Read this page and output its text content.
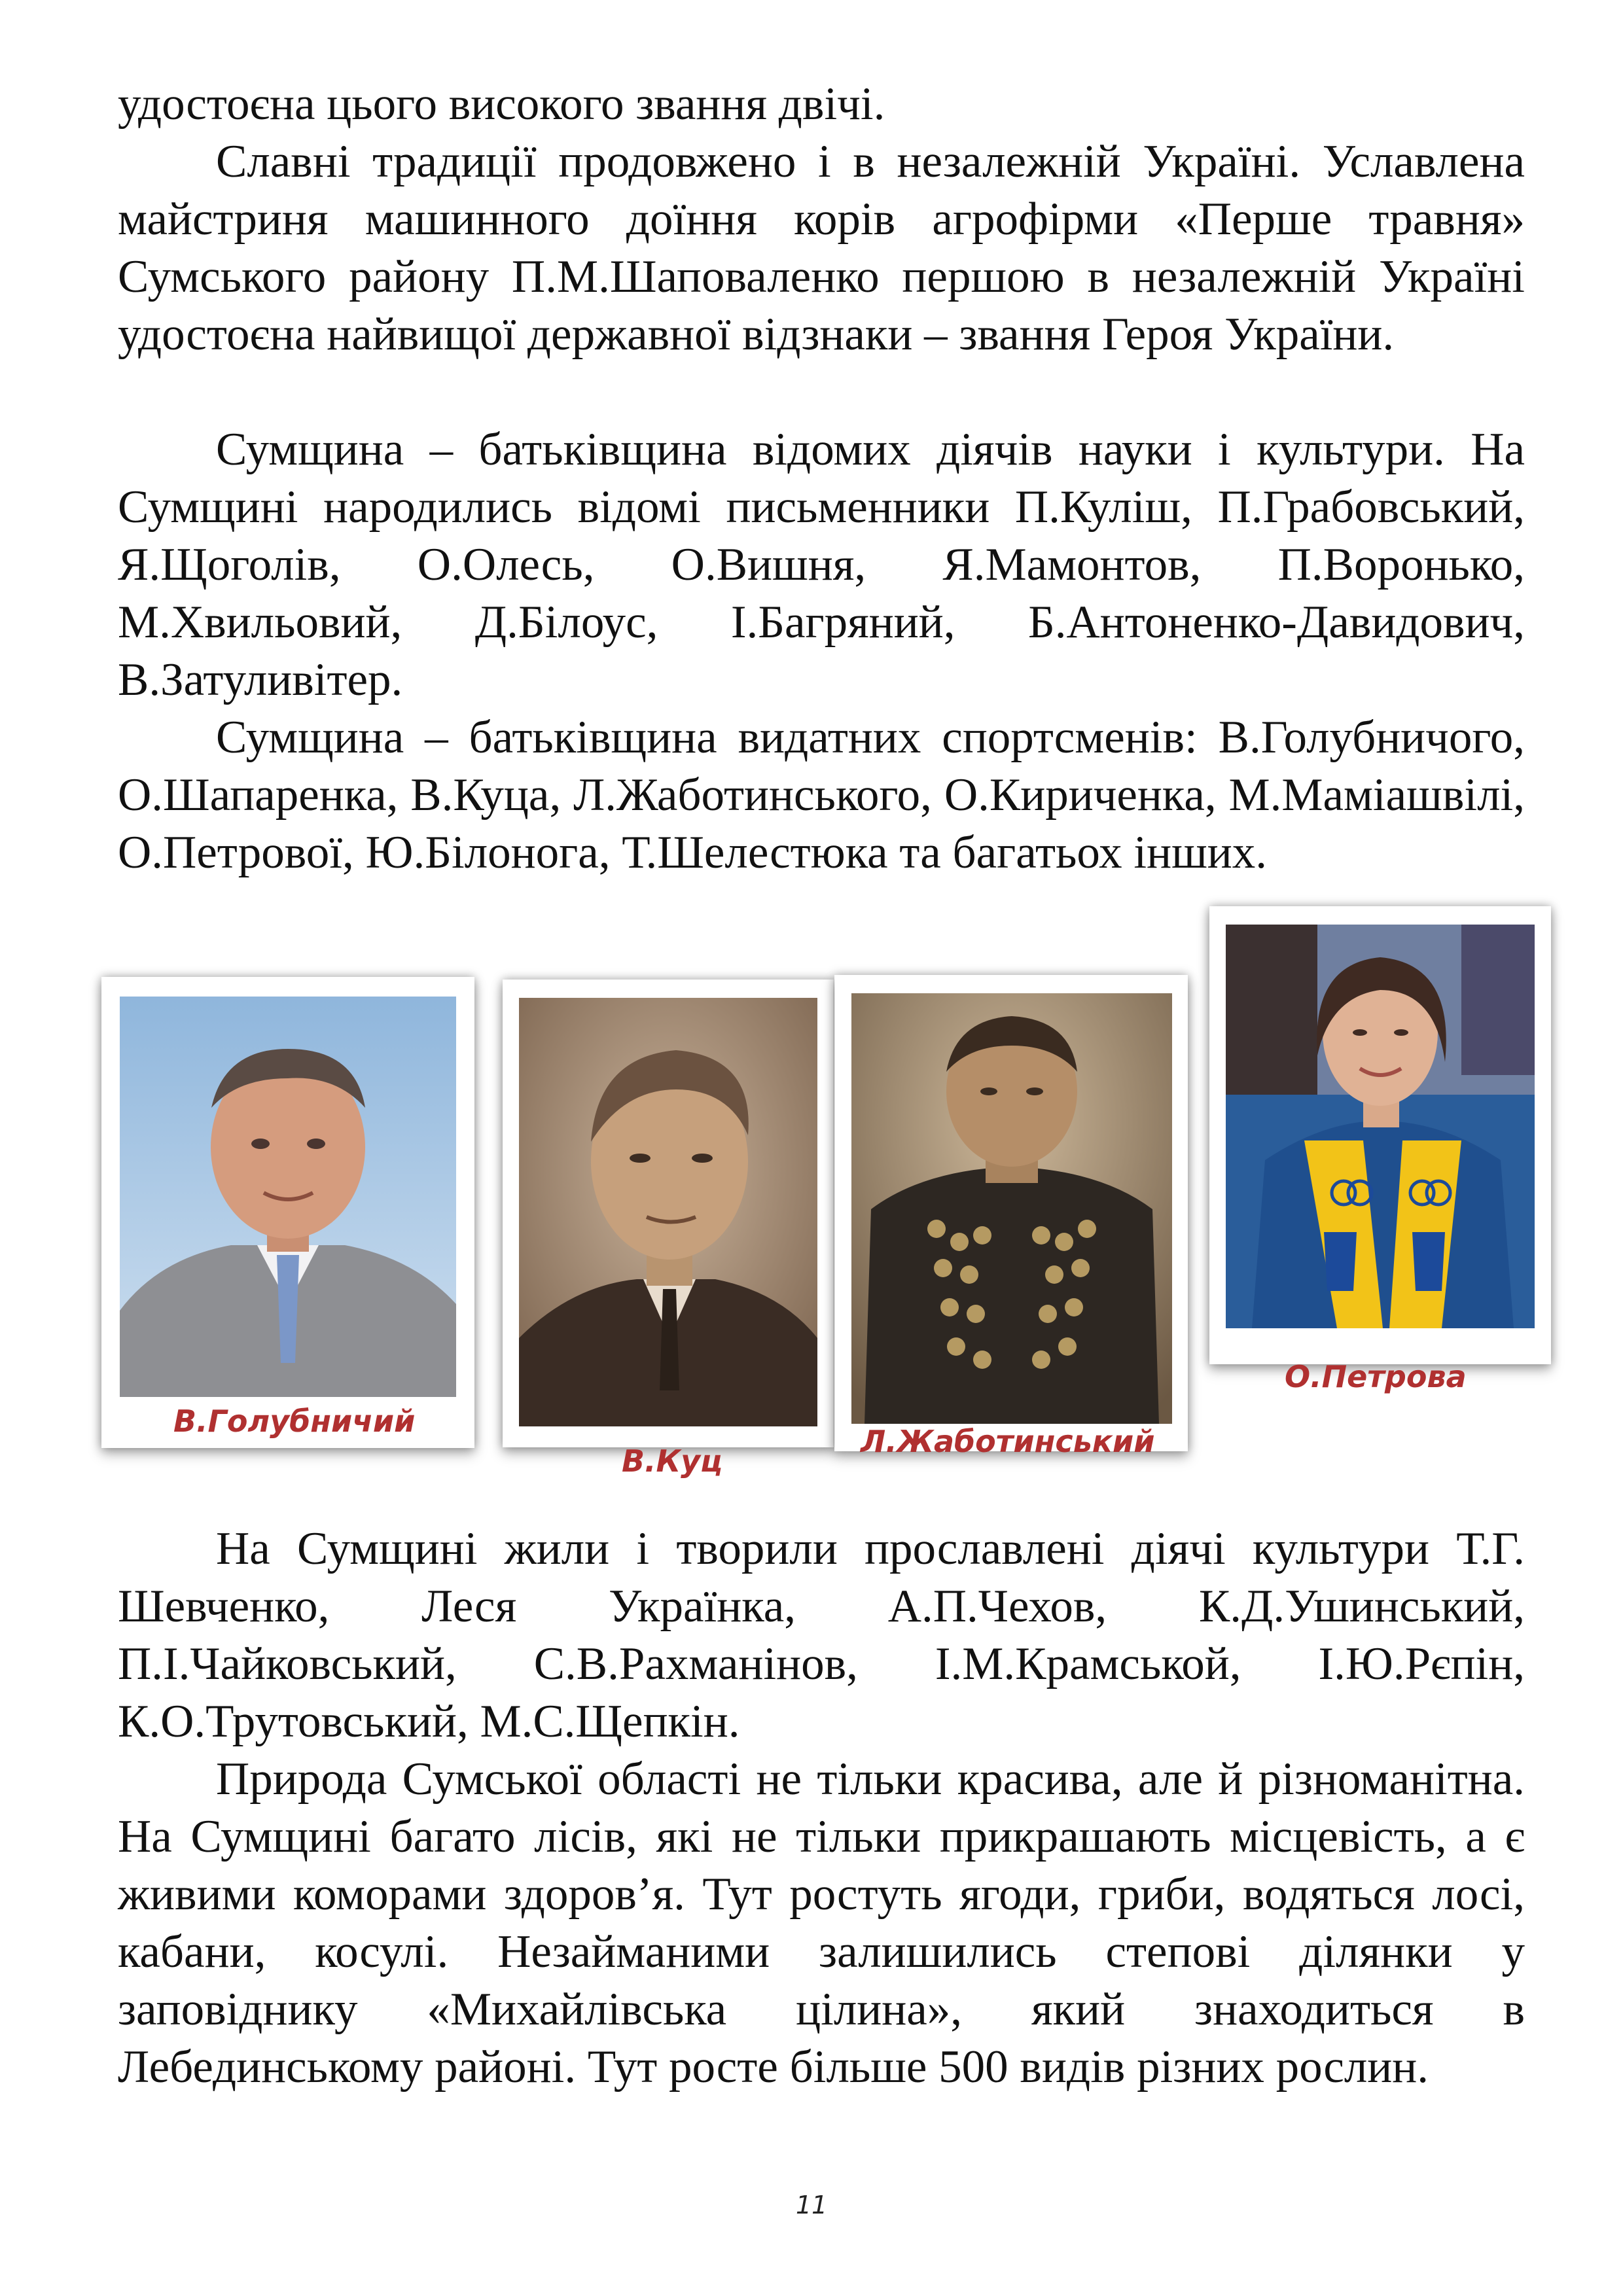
удостоєна цього високого звання двічі.

Славні традиції продовжено і в незалежній Україні. Уславлена майстриня машинного доїння корів агрофірми «Перше травня» Сумського району П.М.Шаповаленко першою в незалежній Україні удостоєна найвищої державної відзнаки – звання Героя України.

Сумщина – батьківщина відомих діячів науки і культури. На Сумщині народились відомі письменники П.Куліш, П.Грабовський, Я.Щоголів, О.Олесь, О.Вишня, Я.Мамонтов, П.Воронько, М.Хвильовий, Д.Білоус, І.Багряний, Б.Антоненко-Давидович, В.Затуливітер.

Сумщина – батьківщина видатних спортсменів: В.Голубничого, О.Шапаренка, В.Куца, Л.Жаботинського, О.Кириченка, М.Маміашвілі, О.Петрової, Ю.Білонога, Т.Шелестюка та багатьох інших.

В.Голубничий
В.Куц
Л.Жаботинський
О.Петрова

На Сумщині жили і творили прославлені діячі культури Т.Г. Шевченко, Леся Українка, А.П.Чехов, К.Д.Ушинський, П.І.Чайковський, С.В.Рахманінов, І.М.Крамськой, І.Ю.Рєпін, К.О.Трутовський, М.С.Щепкін.

Природа Сумської області не тільки красива, але й різноманітна. На Сумщині багато лісів, які не тільки прикрашають місцевість, а є живими коморами здоров’я. Тут ростуть ягоди, гриби, водяться лосі, кабани, косулі. Незайманими залишились степові ділянки у заповіднику «Михайлівська цілина», який знаходиться в Лебединському районі. Тут росте більше 500 видів різних рослин.

11
